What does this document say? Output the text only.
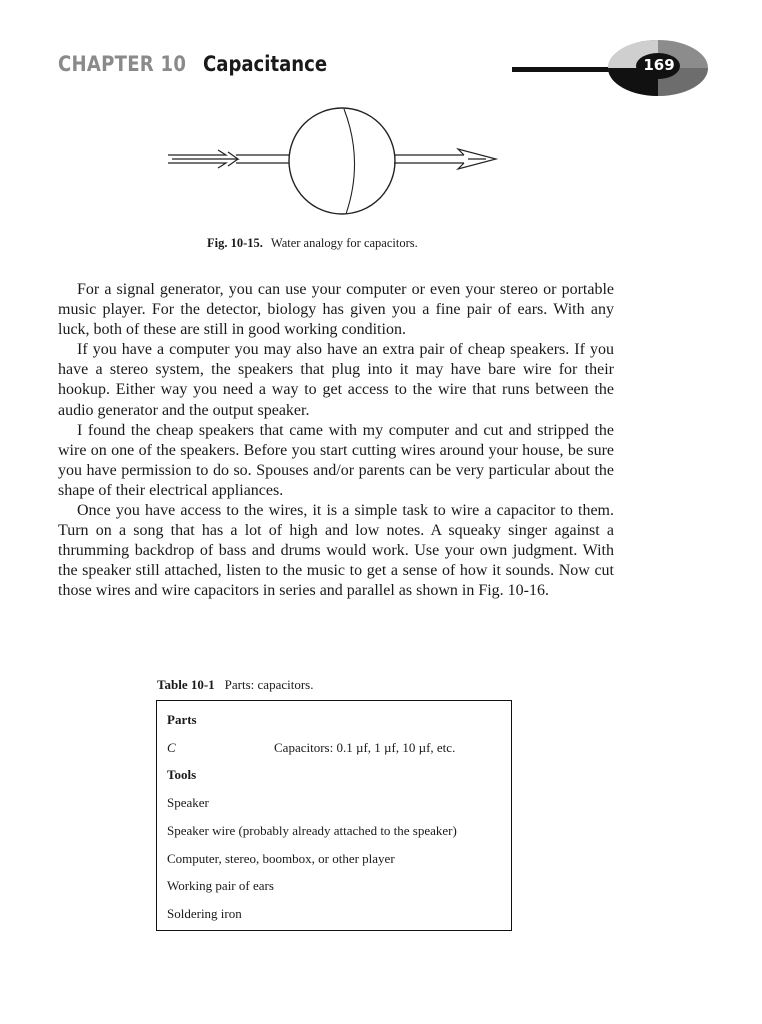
CHAPTER 10 Capacitance	169
Fig. 10-15. Water analogy for capacitors.

For a signal generator, you can use your computer or even your stereo or portable music player. For the detector, biology has given you a fine pair of ears. With any luck, both of these are still in good working condition.

If you have a computer you may also have an extra pair of cheap speakers. If you have a stereo system, the speakers that plug into it may have bare wire for their hookup. Either way you need a way to get access to the wire that runs between the audio generator and the output speaker.

I found the cheap speakers that came with my computer and cut and stripped the wire on one of the speakers. Before you start cutting wires around your house, be sure you have permission to do so. Spouses and/or parents can be very particular about the shape of their electrical appliances.

Once you have access to the wires, it is a simple task to wire a capacitor to them. Turn on a song that has a lot of high and low notes. A squeaky singer against a thrumming backdrop of bass and drums would work. Use your own judgment. With the speaker still attached, listen to the music to get a sense of how it sounds. Now cut those wires and wire capacitors in series and parallel as shown in Fig. 10-16.

Table 10-1 Parts: capacitors.
Parts
C	Capacitors: 0.1 µf, 1 µf, 10 µf, etc.
Tools
Speaker
Speaker wire (probably already attached to the speaker)
Computer, stereo, boombox, or other player
Working pair of ears
Soldering iron
